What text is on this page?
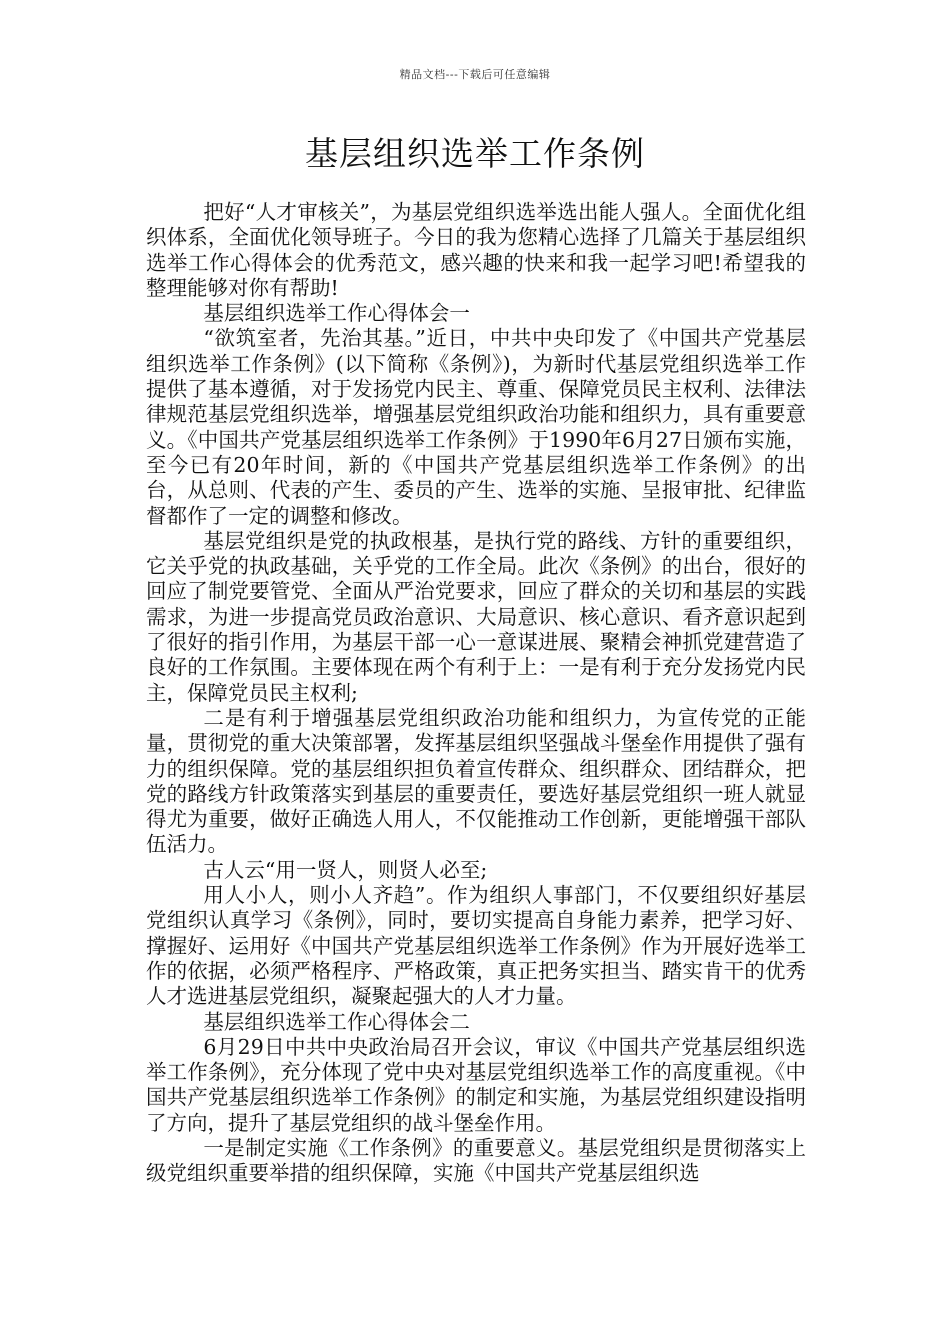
精品文档---下载后可任意编辑
基层组织选举工作条例

把好“人才审核关”，为基层党组织选举选出能人强人。全面优化组织体系，全面优化领导班子。今日的我为您精心选择了几篇关于基层组织选举工作心得体会的优秀范文，感兴趣的快来和我一起学习吧!希望我的整理能够对你有帮助!

基层组织选举工作心得体会一

“欲筑室者，先治其基。”近日，中共中央印发了《中国共产党基层组织选举工作条例》(以下简称《条例》)，为新时代基层党组织选举工作提供了基本遵循，对于发扬党内民主、尊重、保障党员民主权利、法律法律规范基层党组织选举，增强基层党组织政治功能和组织力，具有重要意义。《中国共产党基层组织选举工作条例》于1990年6月27日颁布实施，至今已有20年时间，新的《中国共产党基层组织选举工作条例》的出台，从总则、代表的产生、委员的产生、选举的实施、呈报审批、纪律监督都作了一定的调整和修改。

基层党组织是党的执政根基，是执行党的路线、方针的重要组织，它关乎党的执政基础，关乎党的工作全局。此次《条例》的出台，很好的回应了制党要管党、全面从严治党要求，回应了群众的关切和基层的实践需求，为进一步提高党员政治意识、大局意识、核心意识、看齐意识起到了很好的指引作用，为基层干部一心一意谋进展、聚精会神抓党建营造了良好的工作氛围。主要体现在两个有利于上：一是有利于充分发扬党内民主，保障党员民主权利;

二是有利于增强基层党组织政治功能和组织力，为宣传党的正能量，贯彻党的重大决策部署，发挥基层组织坚强战斗堡垒作用提供了强有力的组织保障。党的基层组织担负着宣传群众、组织群众、团结群众，把党的路线方针政策落实到基层的重要责任，要选好基层党组织一班人就显得尤为重要，做好正确选人用人，不仅能推动工作创新，更能增强干部队伍活力。

古人云“用一贤人，则贤人必至;

用人小人，则小人齐趋”。作为组织人事部门，不仅要组织好基层党组织认真学习《条例》，同时，要切实提高自身能力素养，把学习好、撑握好、运用好《中国共产党基层组织选举工作条例》作为开展好选举工作的依据，必须严格程序、严格政策，真正把务实担当、踏实肯干的优秀人才选进基层党组织，凝聚起强大的人才力量。

基层组织选举工作心得体会二

6月29日中共中央政治局召开会议，审议《中国共产党基层组织选举工作条例》，充分体现了党中央对基层党组织选举工作的高度重视。《中国共产党基层组织选举工作条例》的制定和实施，为基层党组织建设指明了方向，提升了基层党组织的战斗堡垒作用。

一是制定实施《工作条例》的重要意义。基层党组织是贯彻落实上级党组织重要举措的组织保障，实施《中国共产党基层组织选
